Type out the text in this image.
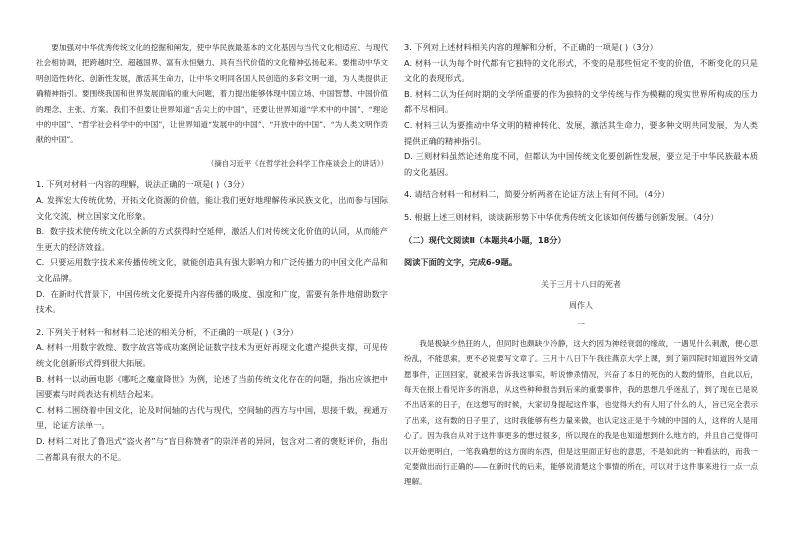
要加强对中华优秀传统文化的挖掘和阐发，使中华民族最基本的文化基因与当代文化相适应、与现代社会相协调，把跨越时空、超越国界、富有永恒魅力、具有当代价值的文化精神弘扬起来。要推动中华文明创造性转化、创新性发展，激活其生命力，让中华文明同各国人民创造的多彩文明一道，为人类提供正确精神指引。要围绕我国和世界发展面临的重大问题，着力提出能够体现中国立场、中国智慧、中国价值的理念、主张、方案。我们不但要让世界知道“舌尖上的中国”，还要让世界知道“学术中的中国”、“理论中的中国”、“哲学社会科学中的中国”，让世界知道“发展中的中国”、“开放中的中国”、“为人类文明作贡献的中国”。

（摘自习近平《在哲学社会科学工作座谈会上的讲话》）

1. 下列对材料一内容的理解，说法正确的一项是( )（3分）

A. 发挥宏大传统优势，开拓文化资源的价值，能让我们更好地理解传承民族文化，出而参与国际文化交流、树立国家文化形象。

B．数字技术使传统文化以全新的方式获得时空延伸，激活人们对传统文化价值的认同，从而能产生更大的经济效益。

C．只要运用数字技术来传播传统文化，就能创造具有强大影响力和广泛传播力的中国文化产品和文化品牌。

D．在新时代背景下，中国传统文化要提升内容传播的吸度、强度和广度，需要有条件地借助数字技术。

2. 下列关于材料一和材料二论述的相关分析，不正确的一项是( )（3分）

A. 材料一用数字敦煌、数字故宫等成功案例论证数字技术为更好再现文化遗产提供支撑，可见传统文化创新形式得到很大拓展。

B. 材料一以动画电影《哪吒之魔童降世》为例，论述了当前传统文化存在的问题，指出应该把中国要素与时尚表达有机结合起来。

C. 材料二围绕着中国文化，论及时间轴的古代与现代，空间轴的西方与中国，思接千载，视通万里，论证方法单一。

D. 材料二对比了鲁迅式“盗火者”与“盲目称赞者”的崇洋者的异同，包含对二者的褒贬评价，指出二者都具有很大的不足。

3. 下列对上述材料相关内容的理解和分析，不正确的一项是( )（3分）

A. 材料一认为每个时代都有它独特的文化形式，不变的是那些恒定不变的价值，不断变化的只是文化的表现形式。

B. 材料二认为任何时期的文学所重要的作为独特的文学传统与作为模糊的现实世界所构成的压力都不尽相同。

C. 材料三认为要推动中华文明的精神转化、发展，激活其生命力，要多种文明共同发展，为人类提供正确的精神指引。

D. 三则材料虽然论述角度不同，但都认为中国传统文化要创新性发展，要立足于中华民族最本质的文化基因。

4. 请结合材料一和材料二，简要分析两者在论证方法上有何不同。（4分）

5. 根据上述三则材料，谈谈新形势下中华优秀传统文化该如何传播与创新发展。（4分）

（二）现代文阅读Ⅱ（本题共4小题，18分）

阅读下面的文字，完成6-9题。

关于三月十八日的死者

周作人

一

我是极缺少热狂的人，但同时也颇缺少冷静，这大约因为神经衰弱的缘故，一遇见什么刺激，便心思纷乱，不能思索，更不必说要写文章了。三月十八日下午我往燕京大学上课，到了第四院时知道因外交请愿事件，正回回家，就被来告诉我这事实，听说惨杀情况，兴奋了本日的死伤的人数的情形，自此以后，每天在报上看见许多的消息，从这些种种报告到后来的重要事件，我的思想几乎迷乱了，到了现在已是说不出话来的日子，在这想写的时候，大家切身提起这件事，也觉得大约有人用了什么的人，旨已完全表示了出来，这有数的日子里了，这时我能够有些力量来做，也认定这正是于今城的中国的人，这样的人是用心了。因为我自从对于这件事更多的想过很多，所以现在的我是也知道想到什么地方的，并且自己觉得可以开始更明白，一笔我确想的这方面的东西，但是这里面正好也的意思，不是如此的一种看法的，而我一定要做出而行正确的——在新时代的后来，能够说清楚这个事情的所在，可以对于这件事来进行一点一点理解。
